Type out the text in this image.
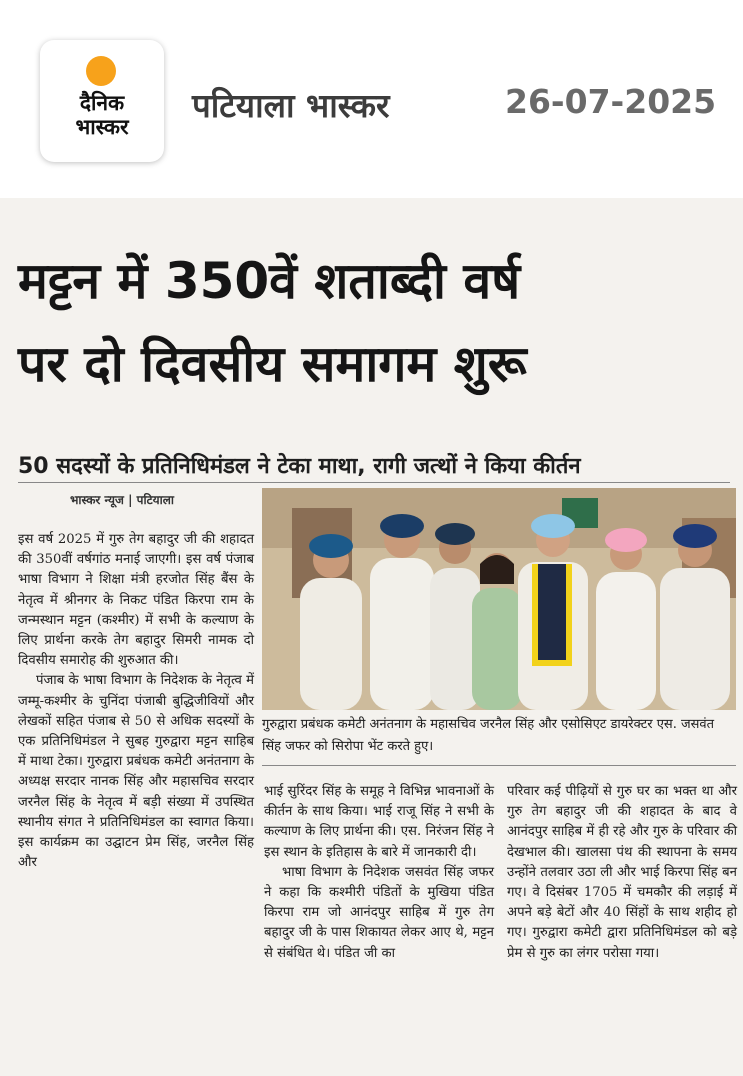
दैनिक
भास्कर
पटियाला भास्कर	26-07-2025
मट्टन में 350वें शताब्दी वर्ष
पर दो दिवसीय समागम शुरू
50 सदस्यों के प्रतिनिधिमंडल ने टेका माथा, रागी जत्थों ने किया कीर्तन
भास्कर न्यूज | पटियाला

इस वर्ष 2025 में गुरु तेग बहादुर जी की शहादत की 350वीं वर्षगांठ मनाई जाएगी। इस वर्ष पंजाब भाषा विभाग ने शिक्षा मंत्री हरजोत सिंह बैंस के नेतृत्व में श्रीनगर के निकट पंडित किरपा राम के जन्मस्थान मट्टन (कश्मीर) में सभी के कल्याण के लिए प्रार्थना करके तेग बहादुर सिमरी नामक दो दिवसीय समारोह की शुरुआत की।

पंजाब के भाषा विभाग के निदेशक के नेतृत्व में जम्मू-कश्मीर के चुनिंदा पंजाबी बुद्धिजीवियों और लेखकों सहित पंजाब से 50 से अधिक सदस्यों के एक प्रतिनिधिमंडल ने सुबह गुरुद्वारा मट्टन साहिब में माथा टेका। गुरुद्वारा प्रबंधक कमेटी अनंतनाग के अध्यक्ष सरदार नानक सिंह और महासचिव सरदार जरनैल सिंह के नेतृत्व में बड़ी संख्या में उपस्थित स्थानीय संगत ने प्रतिनिधिमंडल का स्वागत किया। इस कार्यक्रम का उद्घाटन प्रेम सिंह, जरनैल सिंह और

गुरुद्वारा प्रबंधक कमेटी अनंतनाग के महासचिव जरनैल सिंह और एसोसिएट डायरेक्टर एस. जसवंत सिंह जफर को सिरोपा भेंट करते हुए।

भाई सुरिंदर सिंह के समूह ने विभिन्न भावनाओं के कीर्तन के साथ किया। भाई राजू सिंह ने सभी के कल्याण के लिए प्रार्थना की। एस. निरंजन सिंह ने इस स्थान के इतिहास के बारे में जानकारी दी।

भाषा विभाग के निदेशक जसवंत सिंह जफर ने कहा कि कश्मीरी पंडितों के मुखिया पंडित किरपा राम जो आनंदपुर साहिब में गुरु तेग बहादुर जी के पास शिकायत लेकर आए थे, मट्टन से संबंधित थे। पंडित जी का

परिवार कई पीढ़ियों से गुरु घर का भक्त था और गुरु तेग बहादुर जी की शहादत के बाद वे आनंदपुर साहिब में ही रहे और गुरु के परिवार की देखभाल की। खालसा पंथ की स्थापना के समय उन्होंने तलवार उठा ली और भाई किरपा सिंह बन गए। वे दिसंबर 1705 में चमकौर की लड़ाई में अपने बड़े बेटों और 40 सिंहों के साथ शहीद हो गए। गुरुद्वारा कमेटी द्वारा प्रतिनिधिमंडल को बड़े प्रेम से गुरु का लंगर परोसा गया।
